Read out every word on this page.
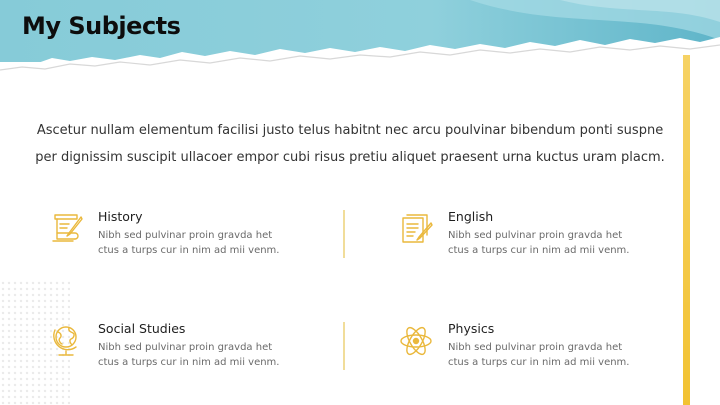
My Subjects

Ascetur nullam elementum facilisi justo telus habitnt nec arcu poulvinar bibendum ponti suspne
per dignissim suscipit ullacoer empor cubi risus pretiu aliquet praesent urna kuctus uram placm.

History
Nibh sed pulvinar proin gravda het
ctus a turps cur in nim ad mii venm.
English
Nibh sed pulvinar proin gravda het
ctus a turps cur in nim ad mii venm.
Social Studies
Nibh sed pulvinar proin gravda het
ctus a turps cur in nim ad mii venm.
Physics
Nibh sed pulvinar proin gravda het
ctus a turps cur in nim ad mii venm.
